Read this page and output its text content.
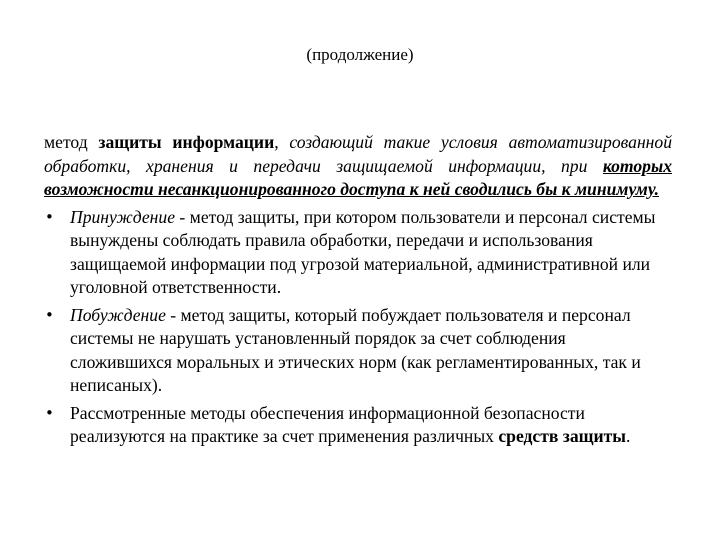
(продолжение)

метод защиты информации, создающий такие условия автоматизированной обработки, хранения и передачи защищаемой информации, при которых возможности несанкционированного доступа к ней сводились бы к минимуму.

• Принуждение - метод защиты, при котором пользователи и персонал системы вынуждены соблюдать правила обработки, передачи и использования защищаемой информации под угрозой материальной, административной или уголовной ответственности.
• Побуждение - метод защиты, который побуждает пользователя и персонал системы не нарушать установленный порядок за счет соблюдения сложившихся моральных и этических норм (как регламентированных, так и неписаных).
• Рассмотренные методы обеспечения информационной безопасности реализуются на практике за счет применения различных средств защиты.
